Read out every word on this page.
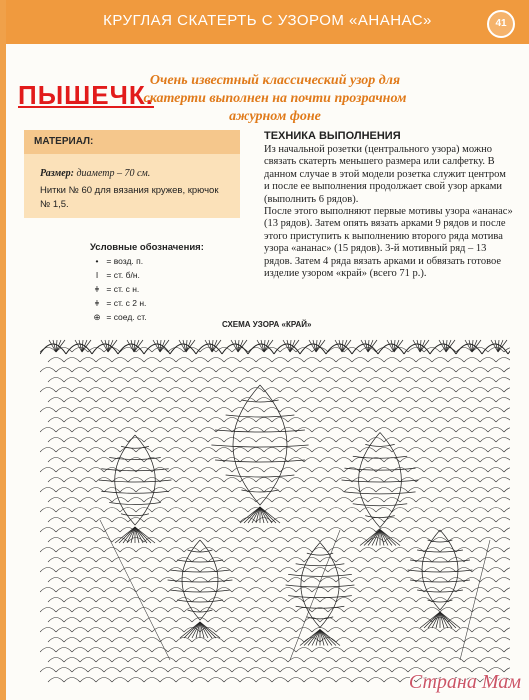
КРУГЛАЯ СКАТЕРТЬ С УЗОРОМ «АНАНАС»	41
ПЫШЕЧК.
Очень известный классический узор для скатерти выполнен на почти прозрачном ажурном фоне
МАТЕРИАЛ:
Размер: диаметр – 70 см.
Нитки № 60 для вязания кружев, крючок № 1,5.
ТЕХНИКА ВЫПОЛНЕНИЯ

Из начальной розетки (центрального узора) можно связать скатерть меньшего размера или салфетку. В данном случае в этой модели розетка служит центром и после ее выполнения продолжает свой узор арками (выполнить 6 рядов).

После этого выполняют первые мотивы узора «ананас» (13 рядов). Затем опять вязать арками 9 рядов и после этого приступить к выполнению второго ряда мотива узора «ананас» (15 рядов). 3-й мотивный ряд – 13 рядов. Затем 4 ряда вязать арками и обвязать готовое изделие узором «край» (всего 71 р.).

Условные обозначения:
• = возд. п.
I = ст. б/н.
ǂ = ст. с н.
ǂ = ст. с 2 н.
⊕ = соед. ст.
СХЕМА УЗОРА «КРАЙ»
Страна Мам
